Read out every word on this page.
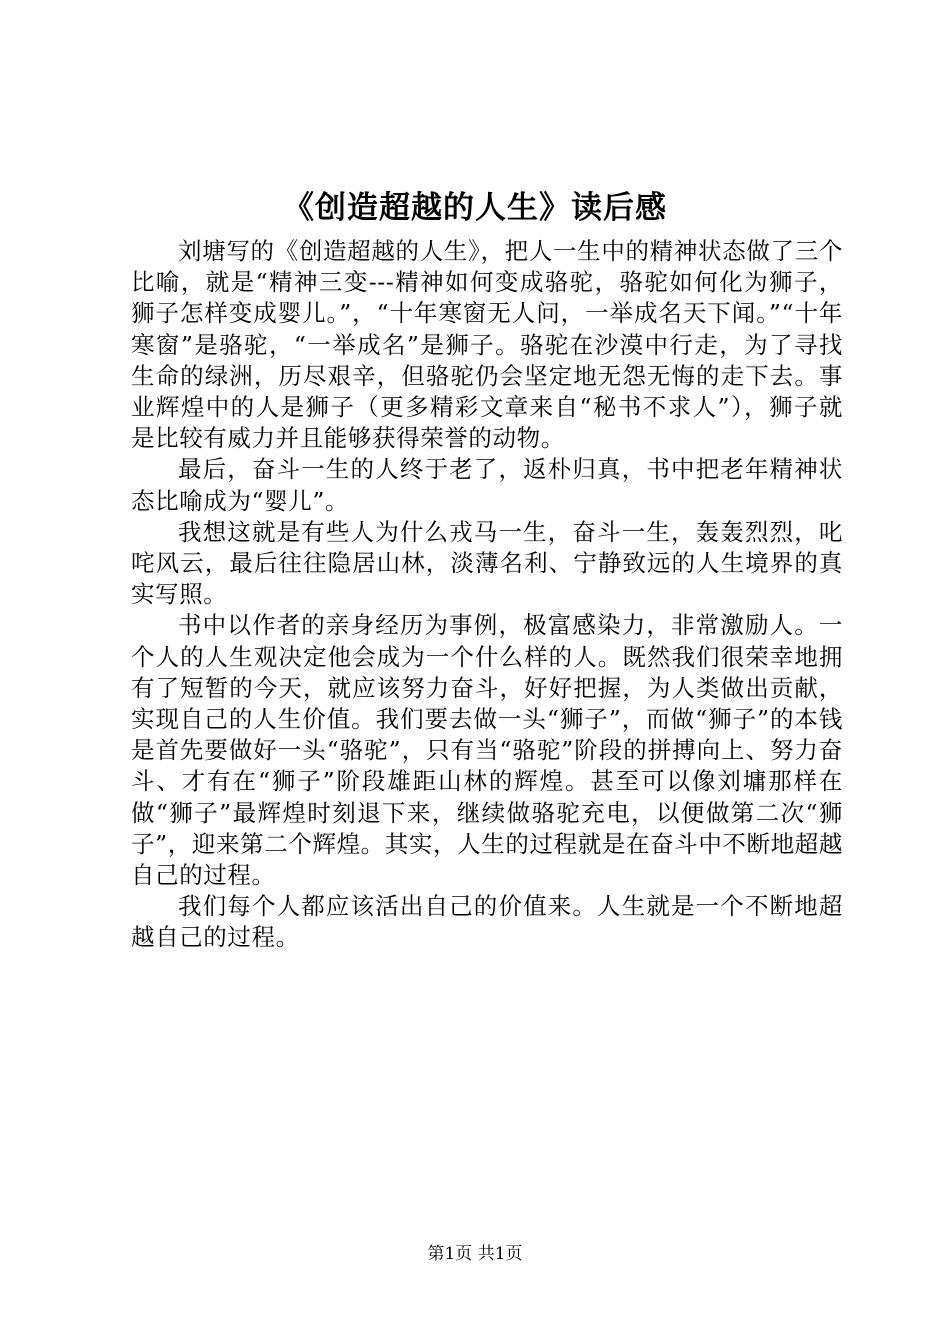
《创造超越的人生》读后感

刘塘写的《创造超越的人生》，把人一生中的精神状态做了三个比喻，就是“精神三变---精神如何变成骆驼，骆驼如何化为狮子，狮子怎样变成婴儿。”，“十年寒窗无人问，一举成名天下闻。”“十年寒窗”是骆驼，“一举成名”是狮子。骆驼在沙漠中行走，为了寻找生命的绿洲，历尽艰辛，但骆驼仍会坚定地无怨无悔的走下去。事业辉煌中的人是狮子（更多精彩文章来自“秘书不求人”），狮子就是比较有威力并且能够获得荣誉的动物。

最后，奋斗一生的人终于老了，返朴归真，书中把老年精神状态比喻成为“婴儿”。

我想这就是有些人为什么戎马一生，奋斗一生，轰轰烈烈，叱咤风云，最后往往隐居山林，淡薄名利、宁静致远的人生境界的真实写照。

书中以作者的亲身经历为事例，极富感染力，非常激励人。一个人的人生观决定他会成为一个什么样的人。既然我们很荣幸地拥有了短暂的今天，就应该努力奋斗，好好把握，为人类做出贡献，实现自己的人生价值。我们要去做一头“狮子”，而做“狮子”的本钱是首先要做好一头“骆驼”，只有当“骆驼”阶段的拼搏向上、努力奋斗、才有在“狮子”阶段雄距山林的辉煌。甚至可以像刘墉那样在做“狮子”最辉煌时刻退下来，继续做骆驼充电，以便做第二次“狮子”，迎来第二个辉煌。其实，人生的过程就是在奋斗中不断地超越自己的过程。

我们每个人都应该活出自己的价值来。人生就是一个不断地超越自己的过程。

第1页 共1页
